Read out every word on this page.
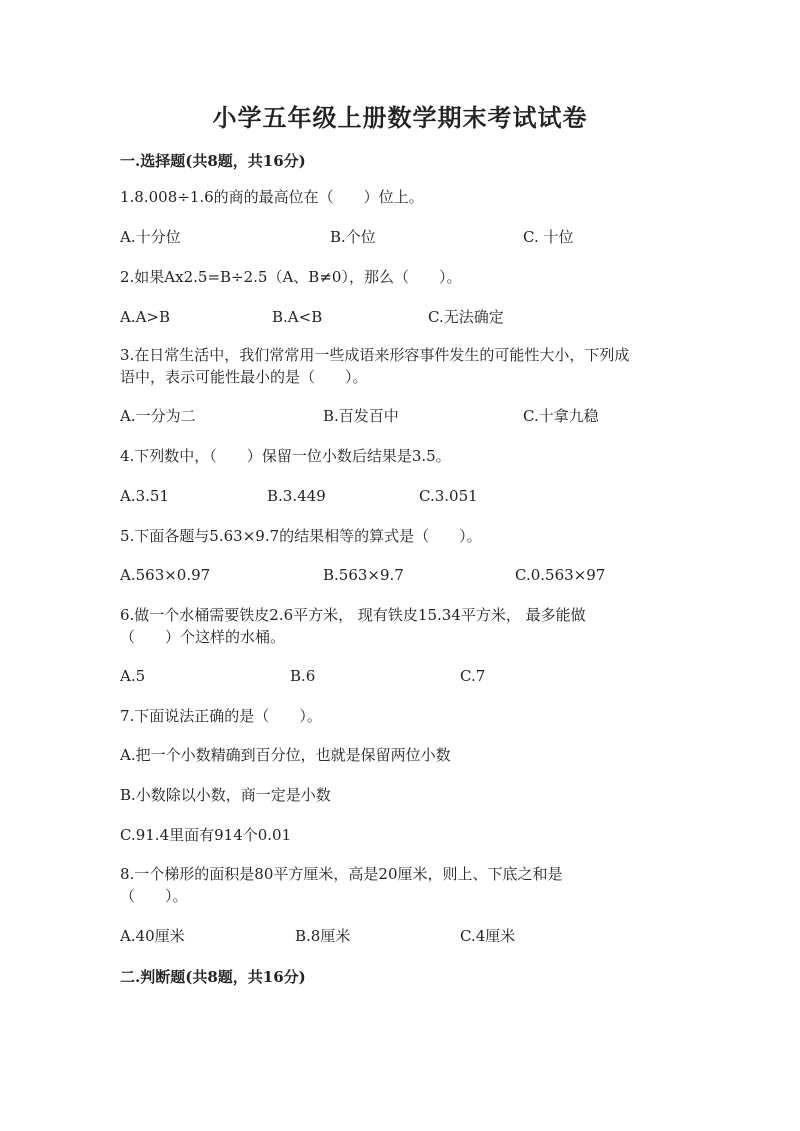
小学五年级上册数学期末考试试卷
一.选择题(共8题，共16分)
1.8.008÷1.6的商的最高位在（　　）位上。
A.十分位	B.个位	C. 十位
2.如果Ax2.5=B÷2.5（A、B≠0），那么（　　）。
A.A>B	B.A<B	C.无法确定
3.在日常生活中，我们常常用一些成语来形容事件发生的可能性大小，下列成
语中，表示可能性最小的是（　　）。
A.一分为二	B.百发百中	C.十拿九稳
4.下列数中，（　　）保留一位小数后结果是3.5。
A.3.51	B.3.449	C.3.051
5.下面各题与5.63×9.7的结果相等的算式是（　　）。
A.563×0.97	B.563×9.7	C.0.563×97
6.做一个水桶需要铁皮2.6平方米， 现有铁皮15.34平方米， 最多能做
（　　）个这样的水桶。
A.5	B.6	C.7
7.下面说法正确的是（　　）。
A.把一个小数精确到百分位，也就是保留两位小数
B.小数除以小数，商一定是小数
C.91.4里面有914个0.01
8.一个梯形的面积是80平方厘米，高是20厘米，则上、下底之和是
（　　）。
A.40厘米	B.8厘米	C.4厘米
二.判断题(共8题，共16分)
